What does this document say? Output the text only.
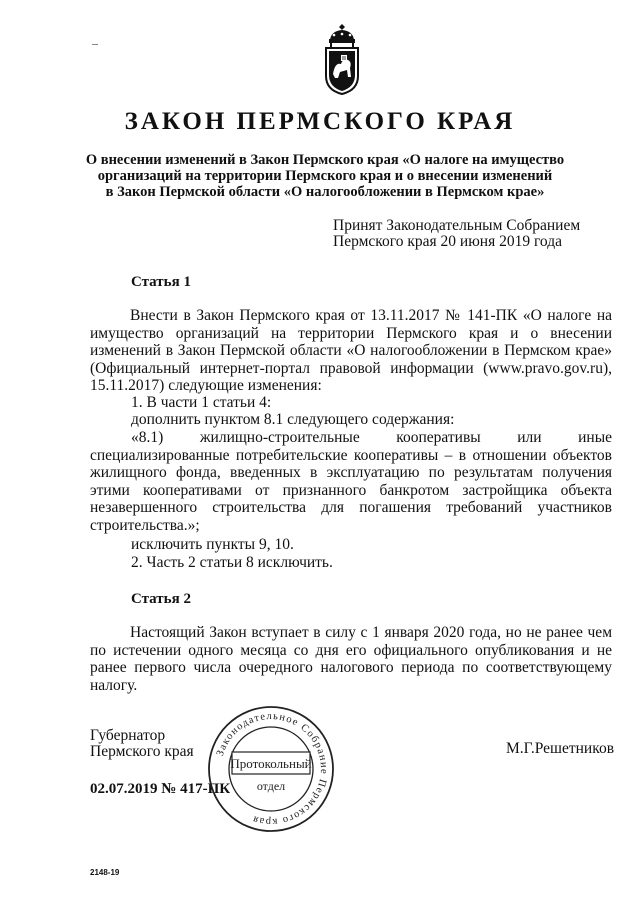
ЗАКОН ПЕРМСКОГО КРАЯ
О внесении изменений в Закон Пермского края «О налоге на имущество
организаций на территории Пермского края и о внесении изменений
в Закон Пермской области «О налогообложении в Пермском крае»
Принят Законодательным Собранием
Пермского края 20 июня 2019 года
Статья 1
Внести в Закон Пермского края от 13.11.2017 № 141-ПК «О налоге на имущество организаций на территории Пермского края и о внесении изменений в Закон Пермской области «О налогообложении в Пермском крае» (Официальный интернет-портал правовой информации (www.pravo.gov.ru), 15.11.2017) следующие изменения:
1. В части 1 статьи 4:
дополнить пунктом 8.1 следующего содержания:
«8.1) жилищно-строительные кооперативы или иные специализированные потребительские кооперативы – в отношении объектов жилищного фонда, введенных в эксплуатацию по результатам получения этими кооперативами от признанного банкротом застройщика объекта незавершенного строительства для погашения требований участников строительства.»;
исключить пункты 9, 10.
2. Часть 2 статьи 8 исключить.
Статья 2
Настоящий Закон вступает в силу с 1 января 2020 года, но не ранее чем по истечении одного месяца со дня его официального опубликования и не ранее первого числа очередного налогового периода по соответствующему налогу.
Губернатор
Пермского края	М.Г.Решетников
02.07.2019 № 417-ПК
Законодательное Собрание Пермского края
Протокольный
отдел
2148-19
